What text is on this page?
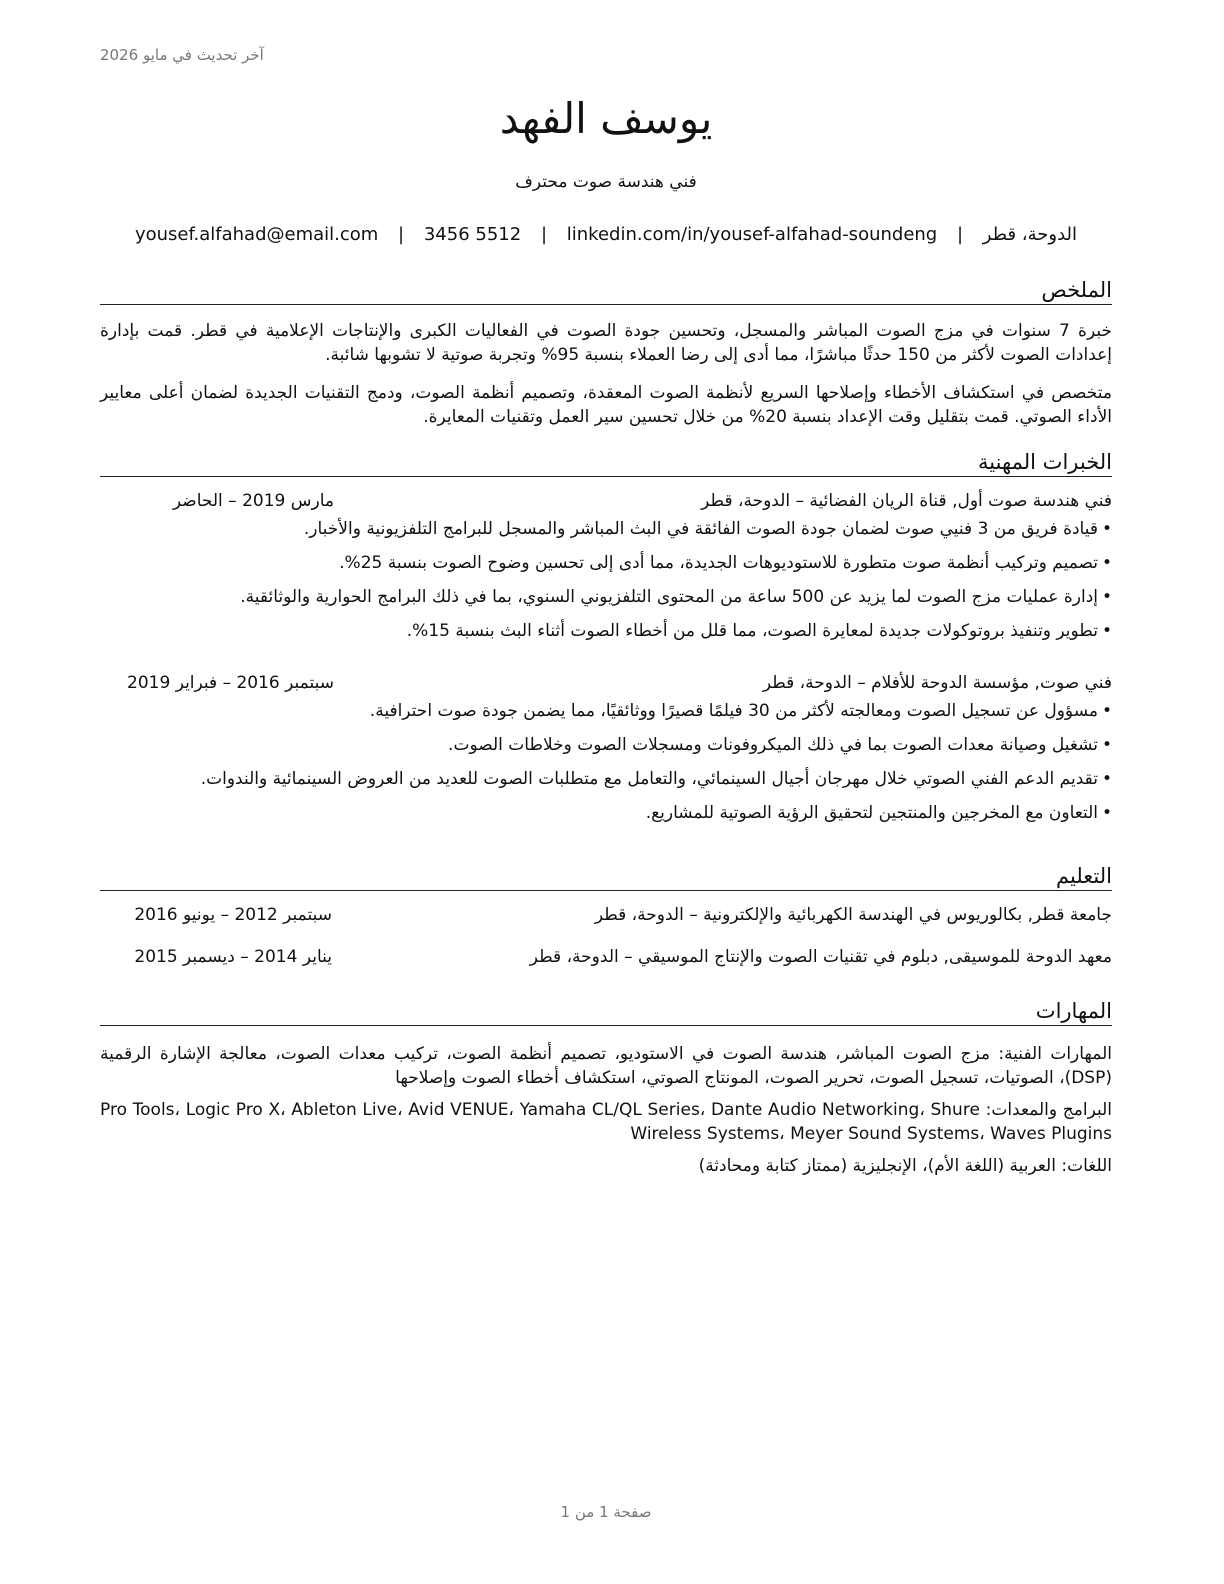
آخر تحديث في مايو 2026
يوسف الفهد
فني هندسة صوت محترف
الدوحة، قطر | yousef.alfahad@email.com | 3456 5512 | linkedin.com/in/yousef-alfahad-soundeng
الملخص

خبرة 7 سنوات في مزج الصوت المباشر والمسجل، وتحسين جودة الصوت في الفعاليات الكبرى والإنتاجات الإعلامية في قطر. قمت بإدارة إعدادات الصوت لأكثر من 150 حدثًا مباشرًا، مما أدى إلى رضا العملاء بنسبة 95% وتجربة صوتية لا تشوبها شائبة.

متخصص في استكشاف الأخطاء وإصلاحها السريع لأنظمة الصوت المعقدة، وتصميم أنظمة الصوت، ودمج التقنيات الجديدة لضمان أعلى معايير الأداء الصوتي. قمت بتقليل وقت الإعداد بنسبة 20% من خلال تحسين سير العمل وتقنيات المعايرة.

الخبرات المهنية
فني هندسة صوت أول, قناة الريان الفضائية – الدوحة، قطر
مارس 2019 – الحاضر
• قيادة فريق من 3 فنيي صوت لضمان جودة الصوت الفائقة في البث المباشر والمسجل للبرامج التلفزيونية والأخبار.
• تصميم وتركيب أنظمة صوت متطورة للاستوديوهات الجديدة، مما أدى إلى تحسين وضوح الصوت بنسبة 25%.
• إدارة عمليات مزج الصوت لما يزيد عن 500 ساعة من المحتوى التلفزيوني السنوي، بما في ذلك البرامج الحوارية والوثائقية.
• تطوير وتنفيذ بروتوكولات جديدة لمعايرة الصوت، مما قلل من أخطاء الصوت أثناء البث بنسبة 15%.
فني صوت, مؤسسة الدوحة للأفلام – الدوحة، قطر
سبتمبر 2016 – فبراير 2019
• مسؤول عن تسجيل الصوت ومعالجته لأكثر من 30 فيلمًا قصيرًا ووثائقيًا، مما يضمن جودة صوت احترافية.
• تشغيل وصيانة معدات الصوت بما في ذلك الميكروفونات ومسجلات الصوت وخلاطات الصوت.
• تقديم الدعم الفني الصوتي خلال مهرجان أجيال السينمائي، والتعامل مع متطلبات الصوت للعديد من العروض السينمائية والندوات.
• التعاون مع المخرجين والمنتجين لتحقيق الرؤية الصوتية للمشاريع.
التعليم
جامعة قطر, بكالوريوس في الهندسة الكهربائية والإلكترونية – الدوحة، قطر
سبتمبر 2012 – يونيو 2016
معهد الدوحة للموسيقى, دبلوم في تقنيات الصوت والإنتاج الموسيقي – الدوحة، قطر
يناير 2014 – ديسمبر 2015
المهارات

المهارات الفنية: مزج الصوت المباشر، هندسة الصوت في الاستوديو، تصميم أنظمة الصوت، تركيب معدات الصوت، معالجة الإشارة الرقمية (DSP)، الصوتيات، تسجيل الصوت، تحرير الصوت، المونتاج الصوتي، استكشاف أخطاء الصوت وإصلاحها

البرامج والمعدات: Pro Tools، Logic Pro X، Ableton Live، Avid VENUE، Yamaha CL/QL Series، Dante Audio Networking، Shure Wireless Systems، Meyer Sound Systems، Waves Plugins

اللغات: العربية (اللغة الأم)، الإنجليزية (ممتاز كتابة ومحادثة)

صفحة 1 من 1
